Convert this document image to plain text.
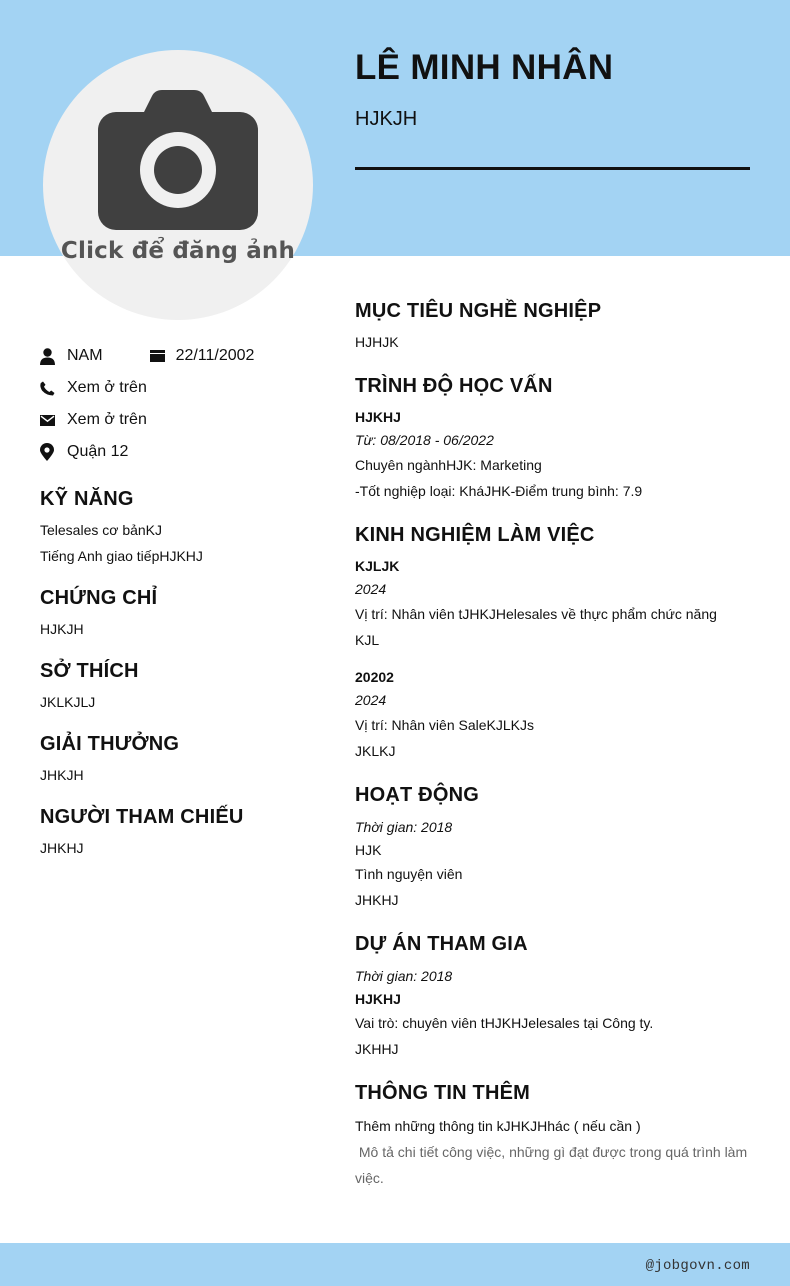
Click để đăng ảnh
LÊ MINH NHÂN
HJKJH
NAM	22/11/2002
Xem ở trên
Xem ở trên
Quận 12
KỸ NĂNG
Telesales cơ bảnKJ
Tiếng Anh giao tiếpHJKHJ
CHỨNG CHỈ
HJKJH
SỞ THÍCH
JKLKJLJ
GIẢI THƯỞNG
JHKJH
NGƯỜI THAM CHIẾU
JHKHJ
MỤC TIÊU NGHỀ NGHIỆP
HJHJK
TRÌNH ĐỘ HỌC VẤN
HJKHJ
Từ: 08/2018 - 06/2022
Chuyên ngànhHJK: Marketing
-Tốt nghiệp loại: KháJHK-Điểm trung bình: 7.9
KINH NGHIỆM LÀM VIỆC
KJLJK
2024
Vị trí: Nhân viên tJHKJHelesales về thực phẩm chức năng
KJL
20202
2024
Vị trí: Nhân viên SaleKJLKJs
JKLKJ
HOẠT ĐỘNG
Thời gian: 2018
HJK
Tình nguyện viên
JHKHJ
DỰ ÁN THAM GIA
Thời gian: 2018
HJKHJ
Vai trò: chuyên viên tHJKHJelesales tại Công ty.
JKHHJ
THÔNG TIN THÊM
Thêm những thông tin kJHKJHhác ( nếu cần )
Mô tả chi tiết công việc, những gì đạt được trong quá trình làm việc.
@jobgovn.com
